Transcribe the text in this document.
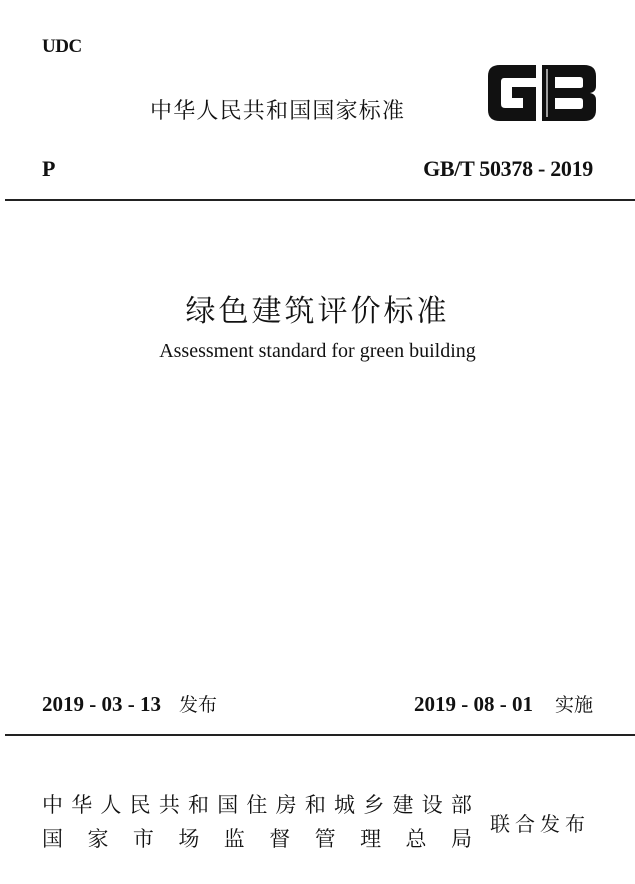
UDC
中华人民共和国国家标准
P	GB/T 50378 - 2019
绿色建筑评价标准
Assessment standard for green building
2019 - 03 - 13 发布	2019 - 08 - 01 实施
中 华 人 民 共 和 国 住 房 和 城 乡 建 设 部
国 家 市 场 监 督 管 理 总 局
联合发布
